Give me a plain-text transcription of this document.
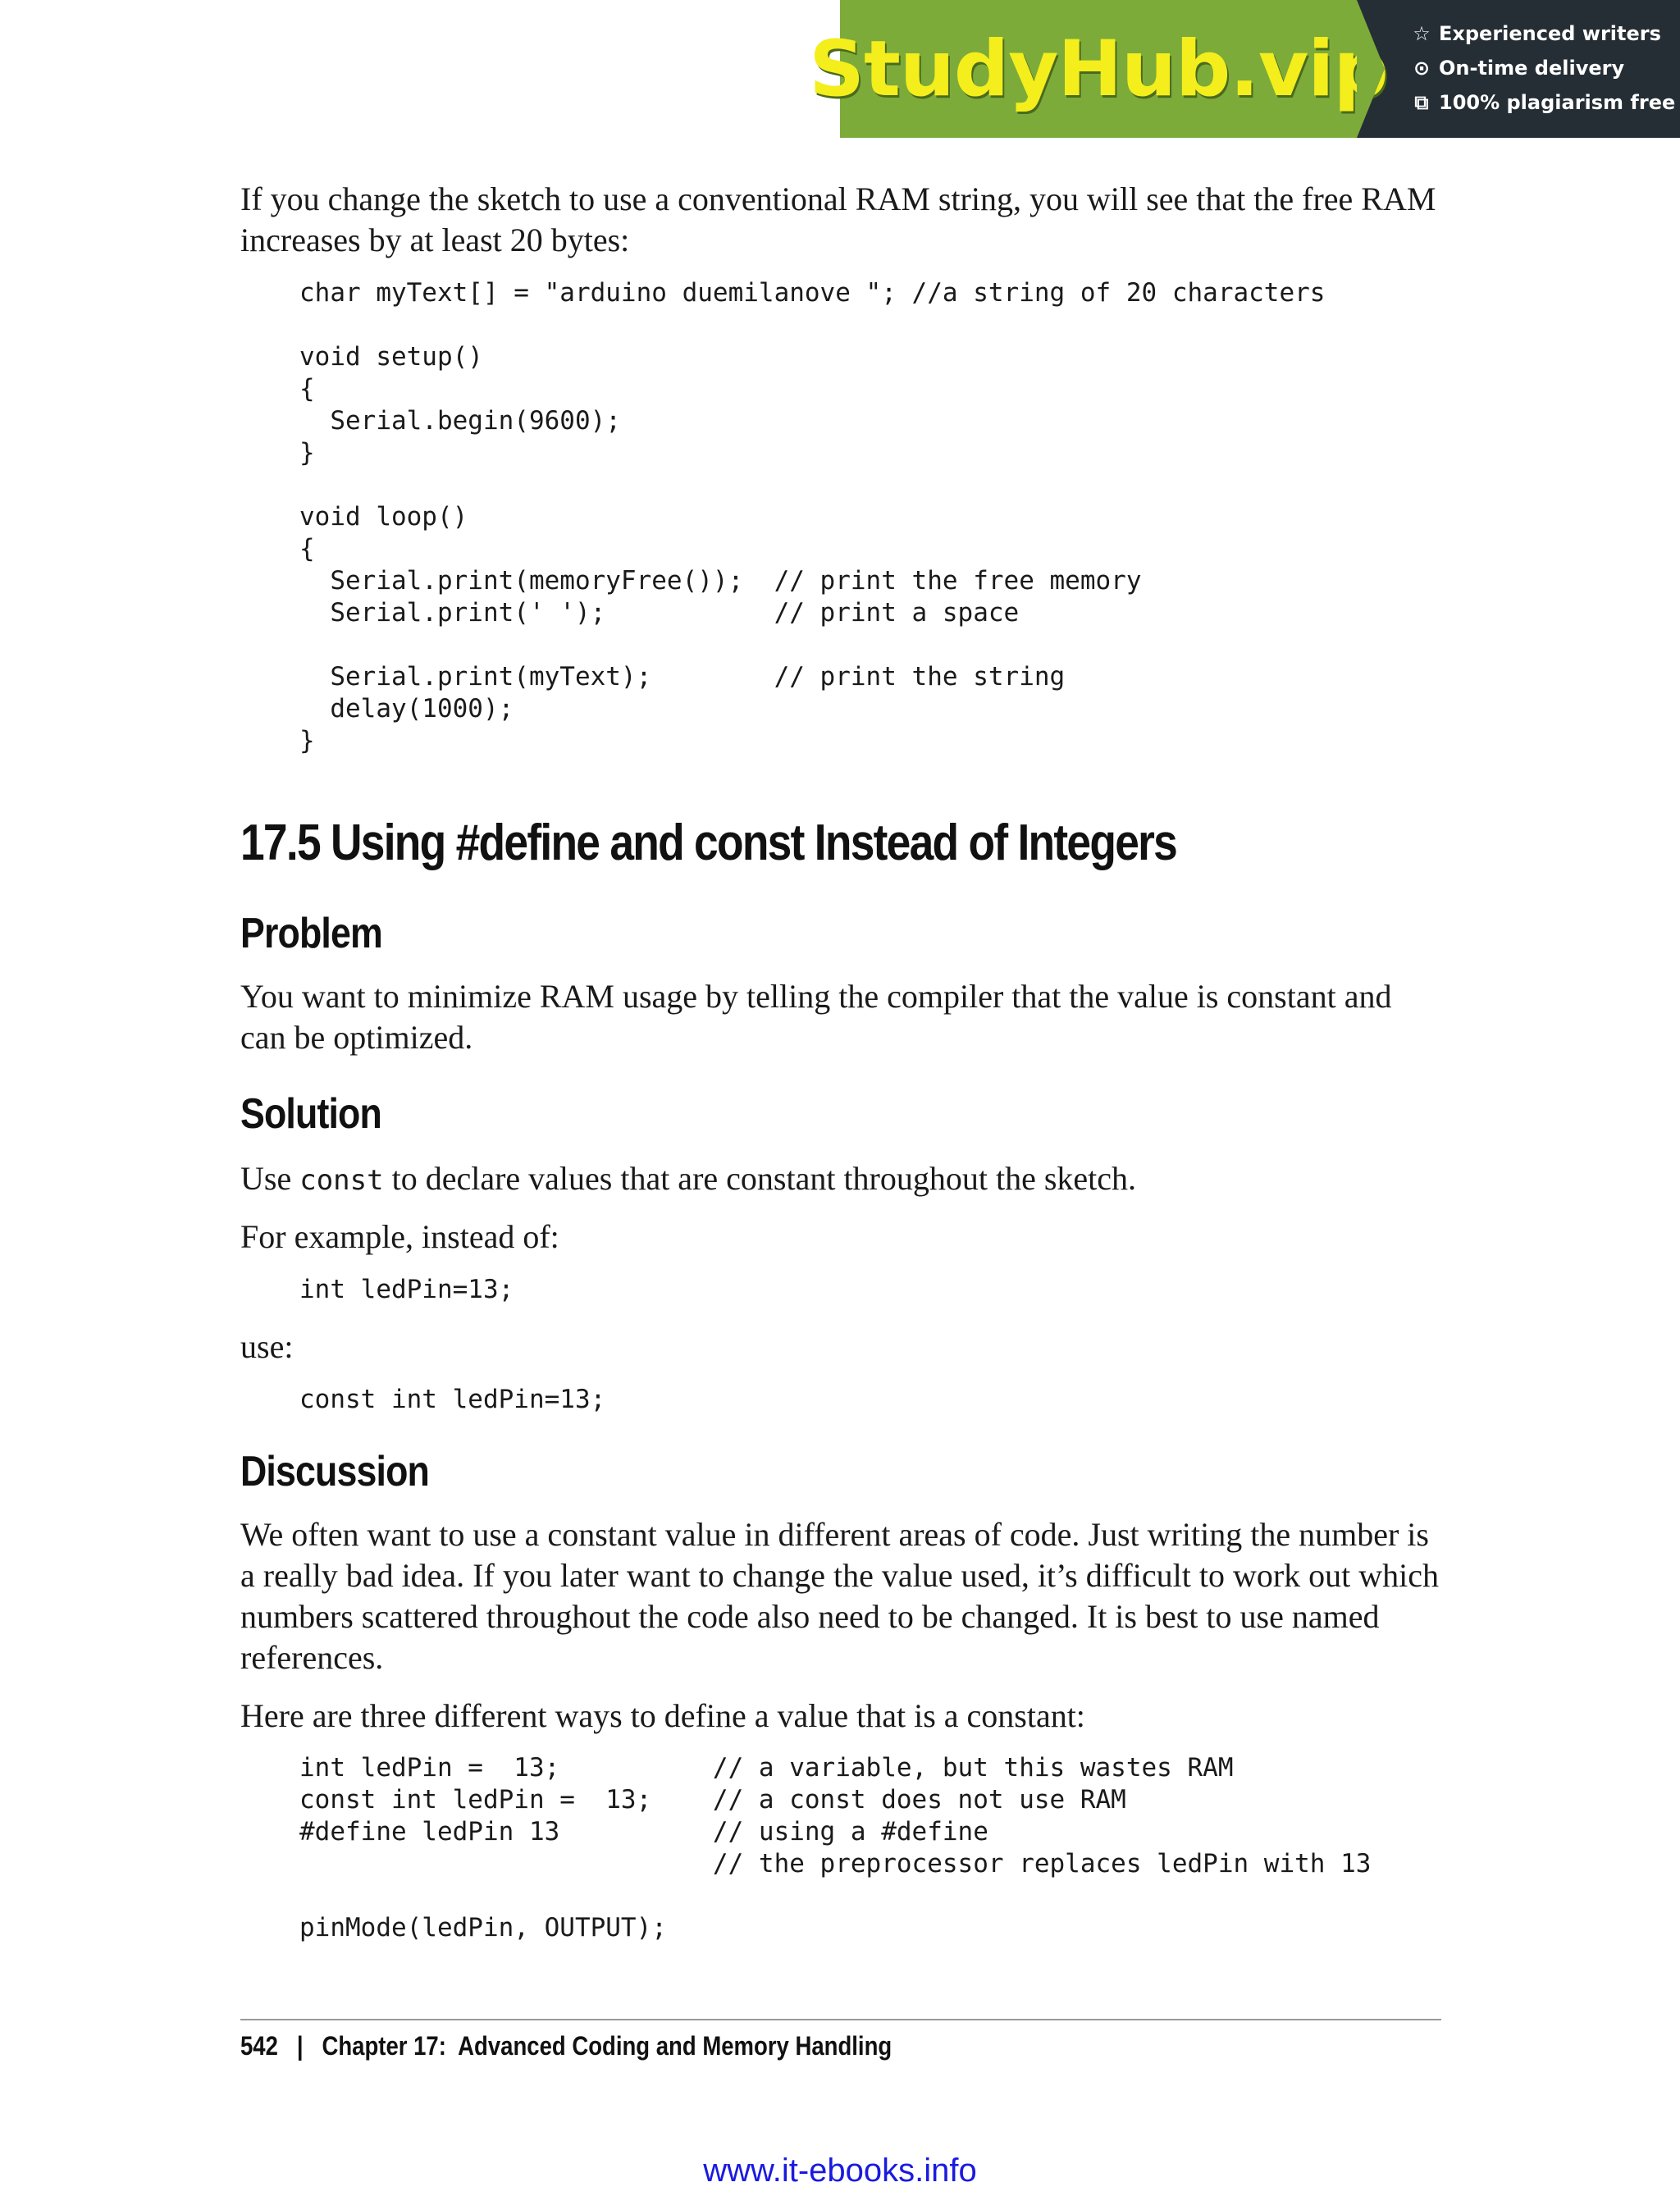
StudyHub.vip ☆ Experienced writers
⊙ On-time delivery
⧉ 100% plagiarism free

If you change the sketch to use a conventional RAM string, you will see that the free RAM increases by at least 20 bytes:

char myText[] = "arduino duemilanove "; //a string of 20 characters

void setup()
{
Serial.begin(9600);
}

void loop()
{
Serial.print(memoryFree());  // print the free memory
Serial.print(' ');           // print a space

Serial.print(myText);        // print the string
delay(1000);
}
17.5 Using #define and const Instead of Integers
Problem

You want to minimize RAM usage by telling the compiler that the value is constant and can be optimized.

Solution

Use const to declare values that are constant throughout the sketch.

For example, instead of:

int ledPin=13;

use:

const int ledPin=13;
Discussion

We often want to use a constant value in different areas of code. Just writing the number is a really bad idea. If you later want to change the value used, it’s difficult to work out which numbers scattered throughout the code also need to be changed. It is best to use named references.

Here are three different ways to define a value that is a constant:

int ledPin =  13;          // a variable, but this wastes RAM
const int ledPin =  13;    // a const does not use RAM
#define ledPin 13          // using a #define
// the preprocessor replaces ledPin with 13

pinMode(ledPin, OUTPUT);

542 | Chapter 17:  Advanced Coding and Memory Handling

www.it-ebooks.info
